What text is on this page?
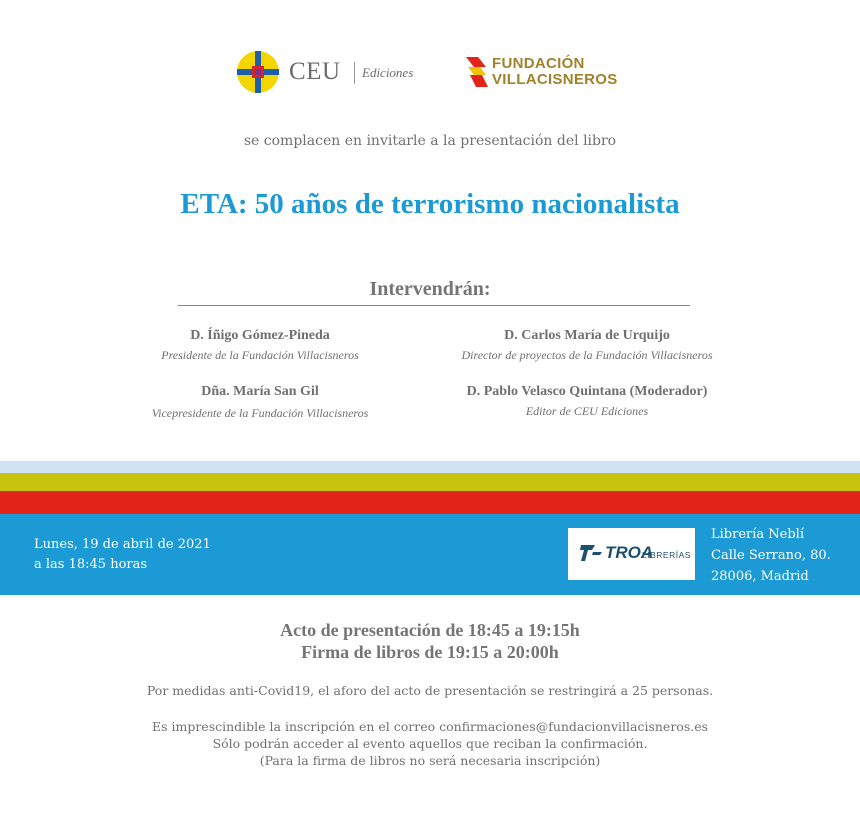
CEU Ediciones
FUNDACIÓN
VILLACISNEROS
se complacen en invitarle a la presentación del libro
ETA: 50 años de terrorismo nacionalista
Intervendrán:
D. Íñigo Gómez-Pineda
Presidente de la Fundación Villacisneros
D. Carlos María de Urquijo
Director de proyectos de la Fundación Villacisneros
Dña. María San Gil
Vicepresidente de la Fundación Villacisneros
D. Pablo Velasco Quintana (Moderador)
Editor de CEU Ediciones
Lunes, 19 de abril de 2021
a las 18:45 horas
TROA
LIBRERÍAS
Librería Neblí
Calle Serrano, 80.
28006, Madrid
Acto de presentación de 18:45 a 19:15h
Firma de libros de 19:15 a 20:00h
Por medidas anti-Covid19, el aforo del acto de presentación se restringirá a 25 personas.
Es imprescindible la inscripción en el correo confirmaciones@fundacionvillacisneros.es
Sólo podrán acceder al evento aquellos que reciban la confirmación.
(Para la firma de libros no será necesaria inscripción)
